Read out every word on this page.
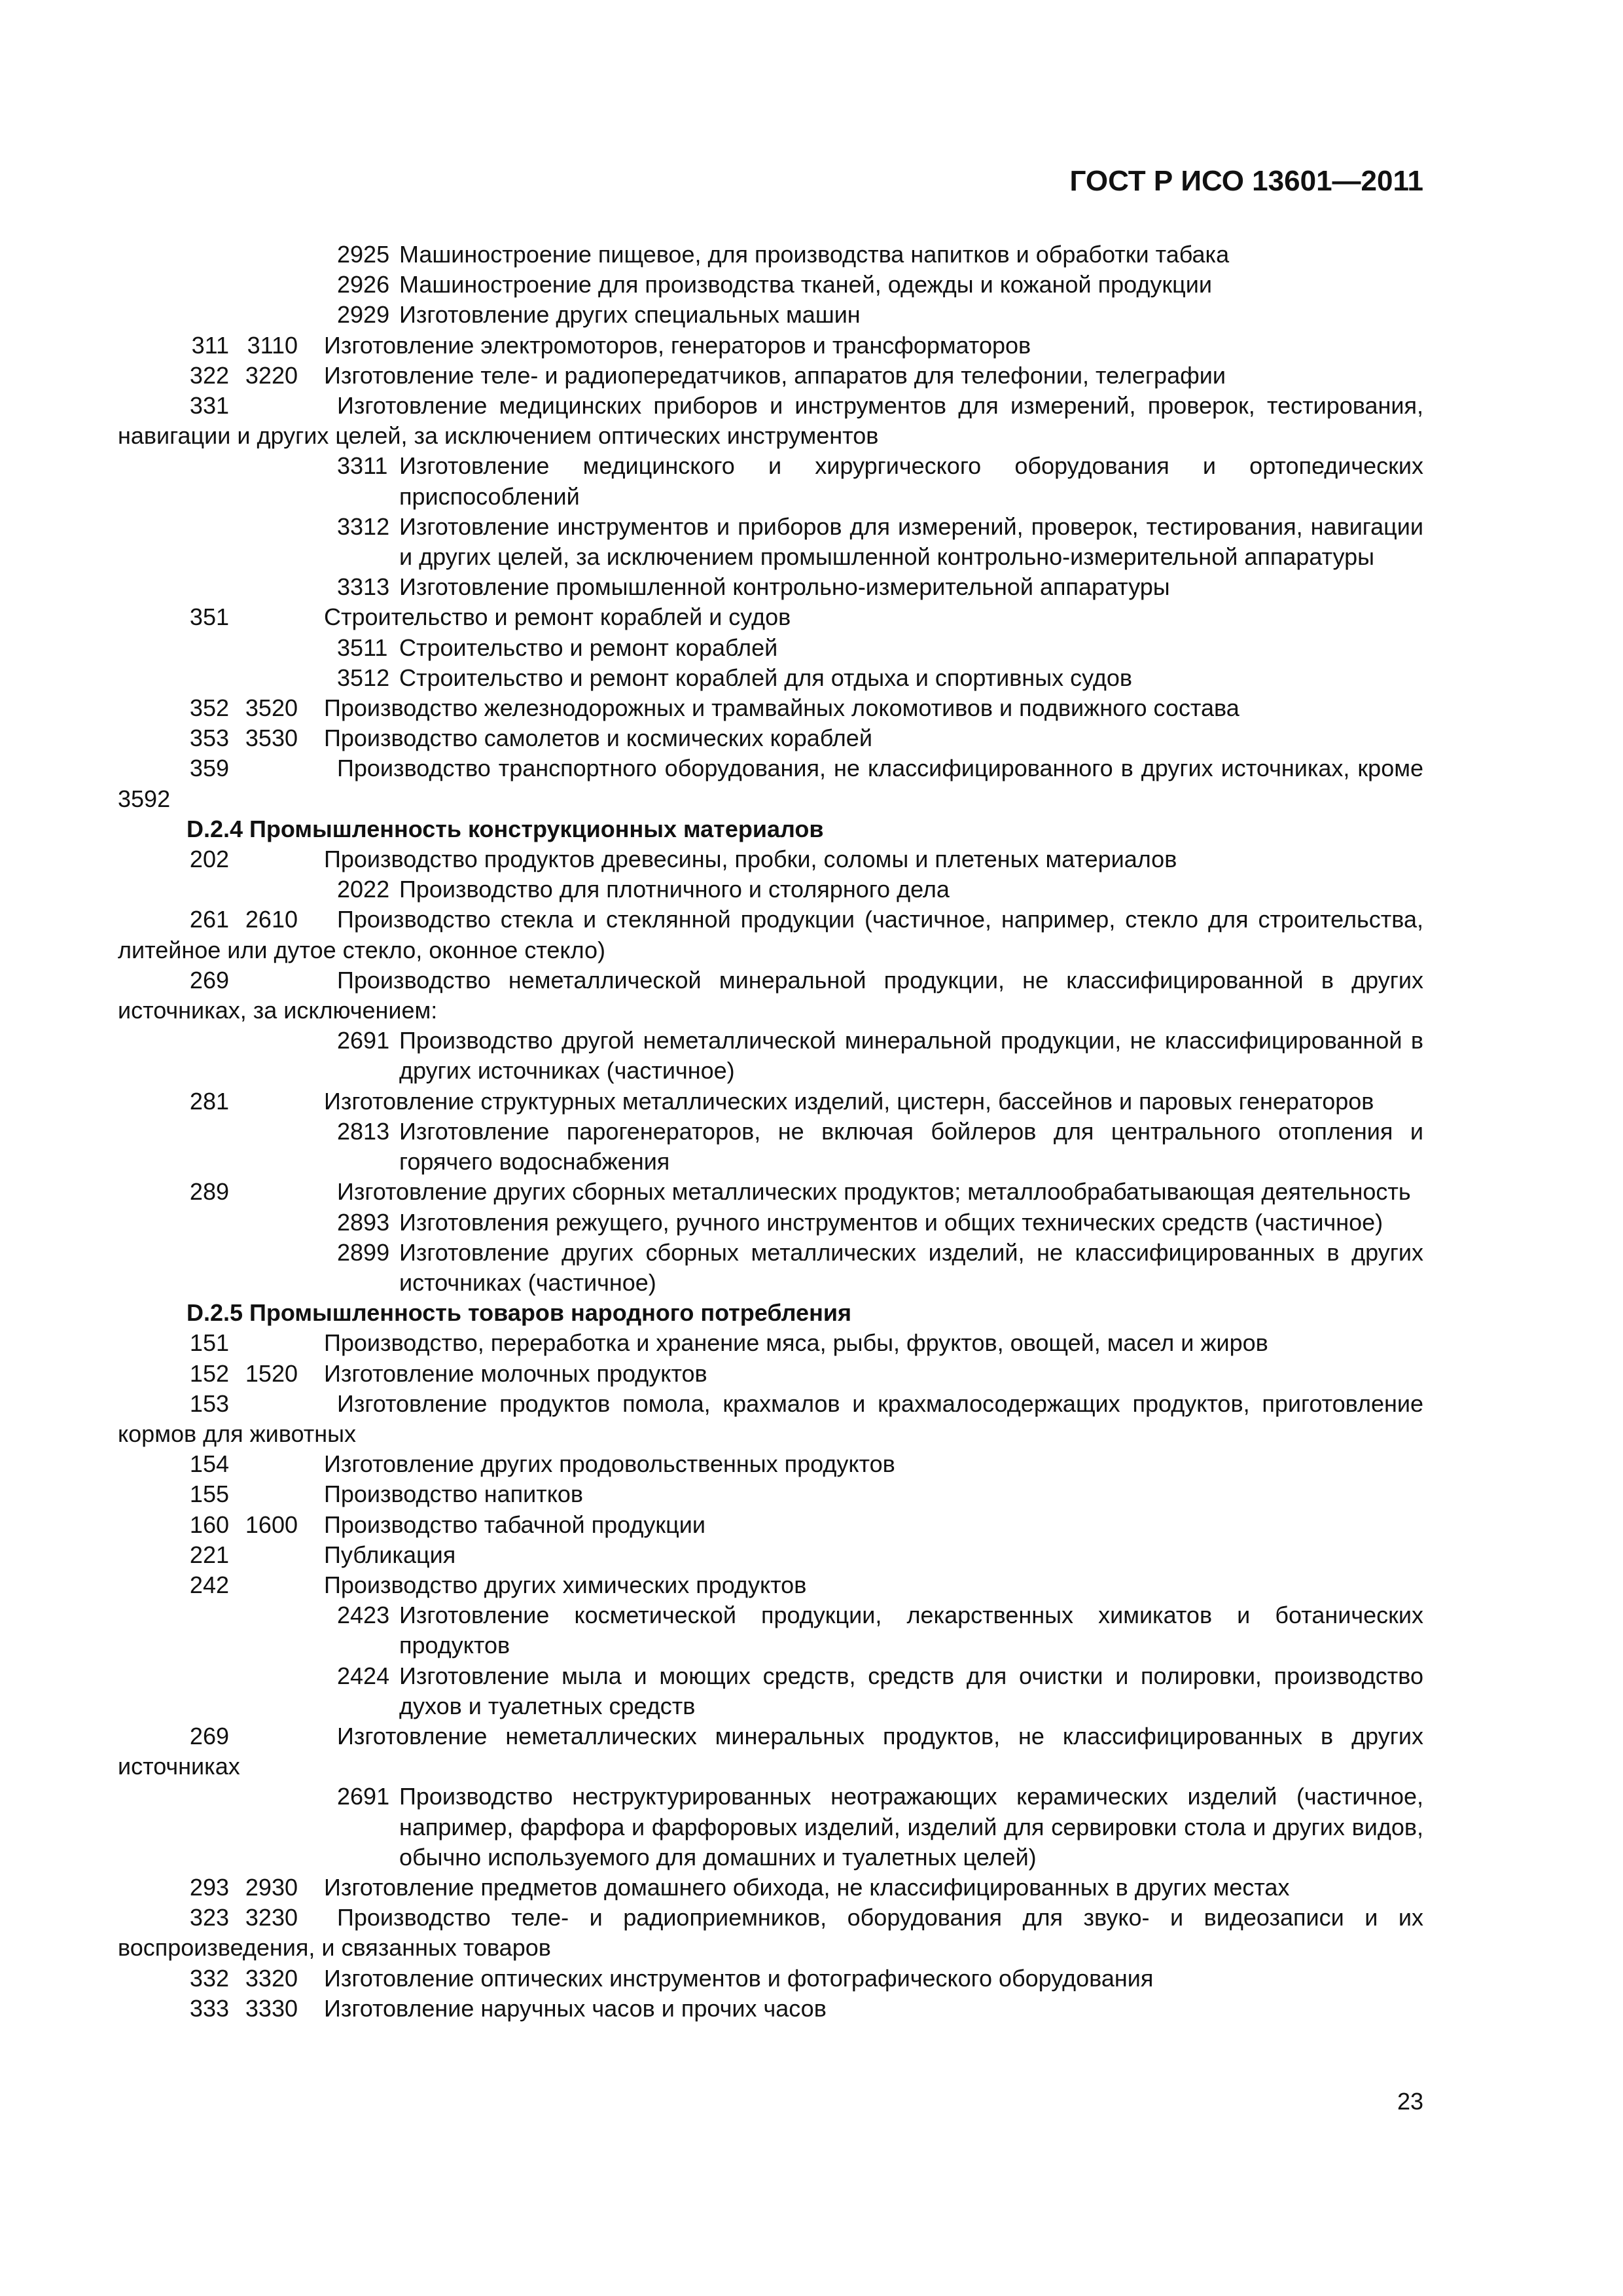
ГОСТ Р ИСО 13601—2011
2925 Машиностроение пищевое, для производства напитков и обработки табака
2926 Машиностроение для производства тканей, одежды и кожаной продукции
2929 Изготовление других специальных машин
311 3110 Изготовление электромоторов, генераторов и трансформаторов
322 3220 Изготовление теле- и радиопередатчиков, аппаратов для телефонии, телеграфии
331	Изготовление медицинских приборов и инструментов для измерений, проверок, тестирования, навигации и других целей, за исключением оптических инструментов
3311 Изготовление медицинского и хирургического оборудования и ортопедических приспособлений
3312 Изготовление инструментов и приборов для измерений, проверок, тестирования, навигации и других целей, за исключением промышленной контрольно-измерительной аппаратуры
3313 Изготовление промышленной контрольно-измерительной аппаратуры
351	Строительство и ремонт кораблей и судов
3511 Строительство и ремонт кораблей
3512 Строительство и ремонт кораблей для отдыха и спортивных судов
352 3520 Производство железнодорожных и трамвайных локомотивов и подвижного состава
353 3530 Производство самолетов и космических кораблей
359	Производство транспортного оборудования, не классифицированного в других источниках, кроме 3592
D.2.4 Промышленность конструкционных материалов
202	Производство продуктов древесины, пробки, соломы и плетеных материалов
2022 Производство для плотничного и столярного дела
261 2610 Производство стекла и стеклянной продукции (частичное, например, стекло для строительства, литейное или дутое стекло, оконное стекло)
269	Производство неметаллической минеральной продукции, не классифицированной в других источниках, за исключением:
2691 Производство другой неметаллической минеральной продукции, не классифицированной в других источниках (частичное)
281	Изготовление структурных металлических изделий, цистерн, бассейнов и паровых генераторов
2813 Изготовление парогенераторов, не включая бойлеров для центрального отопления и горячего водоснабжения
289	Изготовление других сборных металлических продуктов; металлообрабатывающая деятельность
2893 Изготовления режущего, ручного инструментов и общих технических средств (частичное)
2899 Изготовление других сборных металлических изделий, не классифицированных в других источниках (частичное)
D.2.5 Промышленность товаров народного потребления
151	Производство, переработка и хранение мяса, рыбы, фруктов, овощей, масел и жиров
152 1520 Изготовление молочных продуктов
153	Изготовление продуктов помола, крахмалов и крахмалосодержащих продуктов, приготовление кормов для животных
154	Изготовление других продовольственных продуктов
155	Производство напитков
160 1600 Производство табачной продукции
221	Публикация
242	Производство других химических продуктов
2423 Изготовление косметической продукции, лекарственных химикатов и ботанических продуктов
2424 Изготовление мыла и моющих средств, средств для очистки и полировки, производство духов и туалетных средств
269	Изготовление неметаллических минеральных продуктов, не классифицированных в других источниках
2691 Производство неструктурированных неотражающих керамических изделий (частичное, например, фарфора и фарфоровых изделий, изделий для сервировки стола и других видов, обычно используемого для домашних и туалетных целей)
293 2930 Изготовление предметов домашнего обихода, не классифицированных в других местах
323 3230 Производство теле- и радиоприемников, оборудования для звуко- и видеозаписи и их воспроизведения, и связанных товаров
332 3320 Изготовление оптических инструментов и фотографического оборудования
333 3330 Изготовление наручных часов и прочих часов
23
